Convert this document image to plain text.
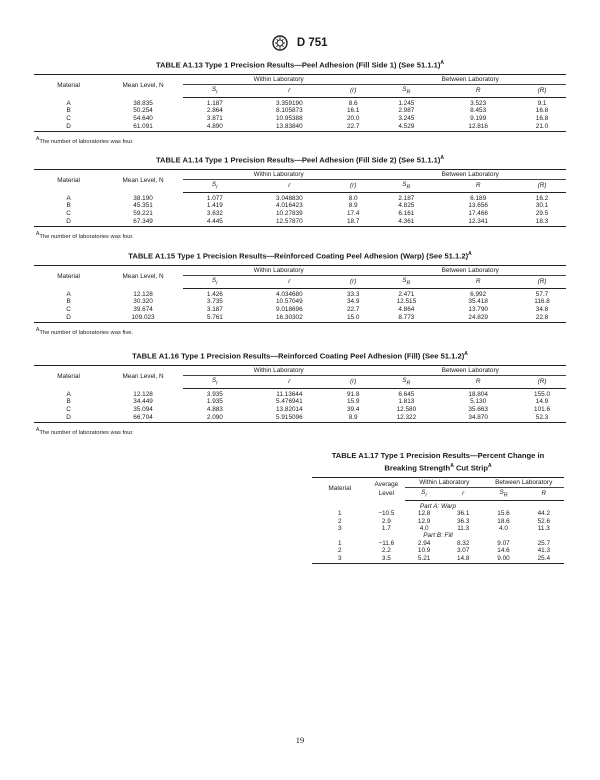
D 751
TABLE A1.13 Type 1 Precision Results—Peel Adhesion (Fill Side 1) (See 51.1.1)$^A$
Material	Mean Level, N	Within Laboratory			Between Laboratory		
		$S_r$	r	(r)	$S_R$	R	(R)
A	38.835	1.187	3.359190	8.6	1.245	3.523	9.1
B	50.254	2.864	8.105873	16.1	2.987	8.453	16.8
C	54.640	3.871	10.95388	20.0	3.245	9.199	16.8
D	61.091	4.890	13.83840	22.7	4.529	12.816	21.0
$^A$The number of laboratories was four.
TABLE A1.14 Type 1 Precision Results—Peel Adhesion (Fill Side 2) (See 51.1.1)$^A$
Material	Mean Level, N	Within Laboratory			Between Laboratory		
		$S_r$	r	(r)	$S_R$	R	(R)
A	38.190	1.077	3.048830	8.0	2.187	6.189	16.2
B	45.351	1.419	4.016423	8.9	4.825	13.656	30.1
C	59.221	3.632	10.27839	17.4	6.161	17.466	29.5
D	67.349	4.445	12.57870	18.7	4.361	12.341	18.3
$^A$The number of laboratories was four.
TABLE A1.15 Type 1 Precision Results—Reinforced Coating Peel Adhesion (Warp) (See 51.1.2)$^A$
Material	Mean Level, N	Within Laboratory			Between Laboratory		
		$S_r$	r	(r)	$S_R$	R	(R)
A	12.128	1.426	4.034680	33.3	2.471	6.992	57.7
B	30.320	3.735	10.57049	34.9	12.515	35.418	116.8
C	39.674	3.187	9.018696	22.7	4.864	13.790	34.8
D	109.023	5.761	16.30302	15.0	8.773	24.829	22.8
$^A$The number of laboratories was five.
TABLE A1.16 Type 1 Precision Results—Reinforced Coating Peel Adhesion (Fill) (See 51.1.2)$^A$
Material	Mean Level, N	Within Laboratory			Between Laboratory		
		$S_r$	r	(r)	$S_R$	R	(R)
A	12.128	3.935	11.13644	91.8	6.645	18.804	155.0
B	34.449	1.935	5.476941	15.9	1.813	5.130	14.9
C	35.094	4.883	13.82014	39.4	12.580	35.663	101.6
D	66.704	2.090	5.915096	8.9	12.322	34.870	52.3
$^A$The number of laboratories was four.
TABLE A1.17 Type 1 Precision Results—Percent Change in
Breaking Strength$^A$ Cut Strip$^A$
Material	Average
Level	Within Laboratory		Between Laboratory	
		$S_r$	r	$S_R$	R
Part A: Warp					
1	−10.5	12.8	36.1	15.6	44.2
2	2.9	12.9	36.3	18.6	52.6
3	1.7	4.0	11.3	4.0	11.3
Part B: Fill					
1	−11.6	2.94	8.32	9.07	25.7
2	2.2	10.9	3.07	14.6	41.3
3	3.5	5.21	14.8	9.00	25.4
19
